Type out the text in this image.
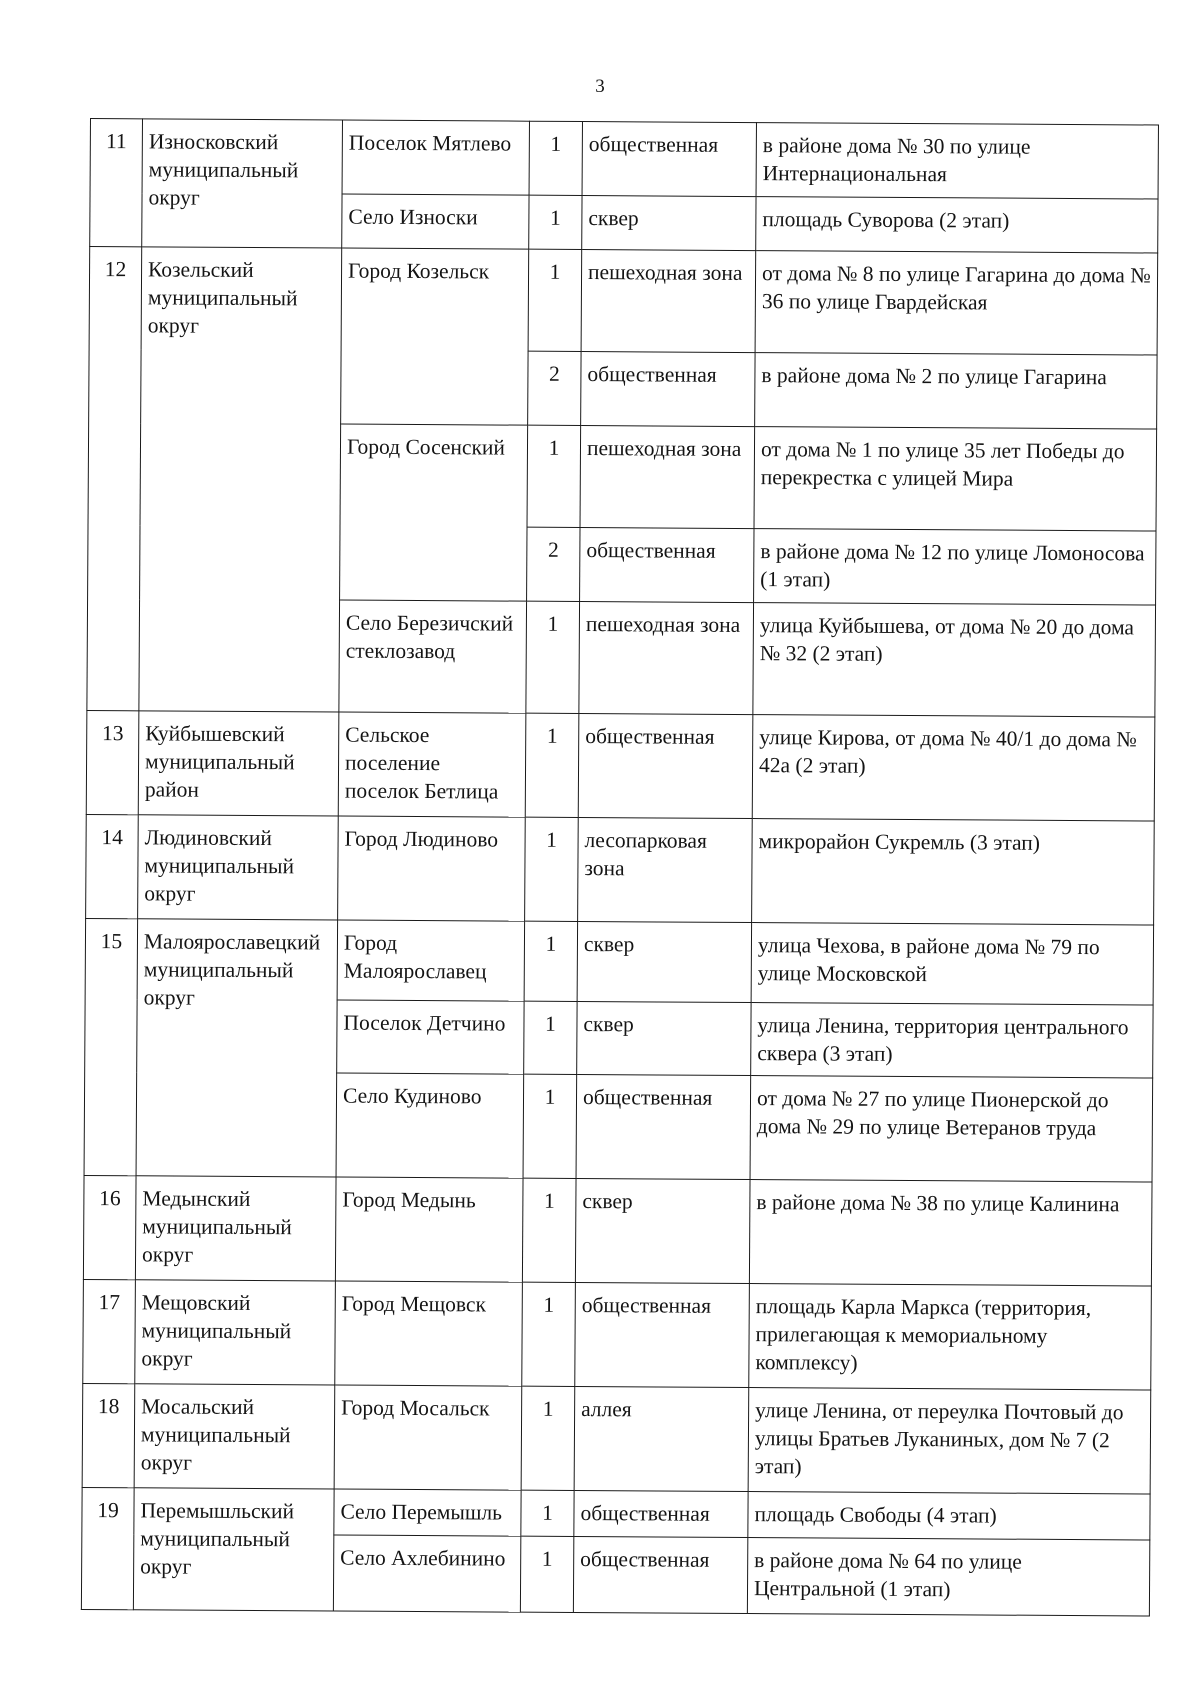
3
11	Износковский муниципальный округ	Поселок Мятлево	1	общественная	в районе дома № 30 по улице Интернациональная
		Село Износки	1	сквер	площадь Суворова (2 этап)
12	Козельский муниципальный округ	Город Козельск	1	пешеходная зона	от дома № 8 по улице Гагарина до дома № 36 по улице Гвардейская
			2	общественная	в районе дома № 2 по улице Гагарина
		Город Сосенский	1	пешеходная зона	от дома № 1 по улице 35 лет Победы до перекрестка с улицей Мира
			2	общественная	в районе дома № 12 по улице Ломоносова (1 этап)
		Село Березичский стеклозавод	1	пешеходная зона	улица Куйбышева, от дома № 20 до дома № 32 (2 этап)
13	Куйбышевский муниципальный район	Сельское поселение поселок Бетлица	1	общественная	улице Кирова, от дома № 40/1 до дома № 42а (2 этап)
14	Людиновский муниципальный округ	Город Людиново	1	лесопарковая зона	микрорайон Сукремль (3 этап)
15	Малоярославецкий муниципальный округ	Город Малоярославец	1	сквер	улица Чехова, в районе дома № 79 по улице Московской
		Поселок Детчино	1	сквер	улица Ленина, территория центрального сквера (3 этап)
		Село Кудиново	1	общественная	от дома № 27 по улице Пионерской до дома № 29 по улице Ветеранов труда
16	Медынский муниципальный округ	Город Медынь	1	сквер	в районе дома № 38 по улице Калинина
17	Мещовский муниципальный округ	Город Мещовск	1	общественная	площадь Карла Маркса (территория, прилегающая к мемориальному комплексу)
18	Мосальский муниципальный округ	Город Мосальск	1	аллея	улице Ленина, от переулка Почтовый до улицы Братьев Луканиных, дом № 7 (2 этап)
19	Перемышльский муниципальный округ	Село Перемышль	1	общественная	площадь Свободы (4 этап)
		Село Ахлебинино	1	общественная	в районе дома № 64 по улице Центральной (1 этап)
